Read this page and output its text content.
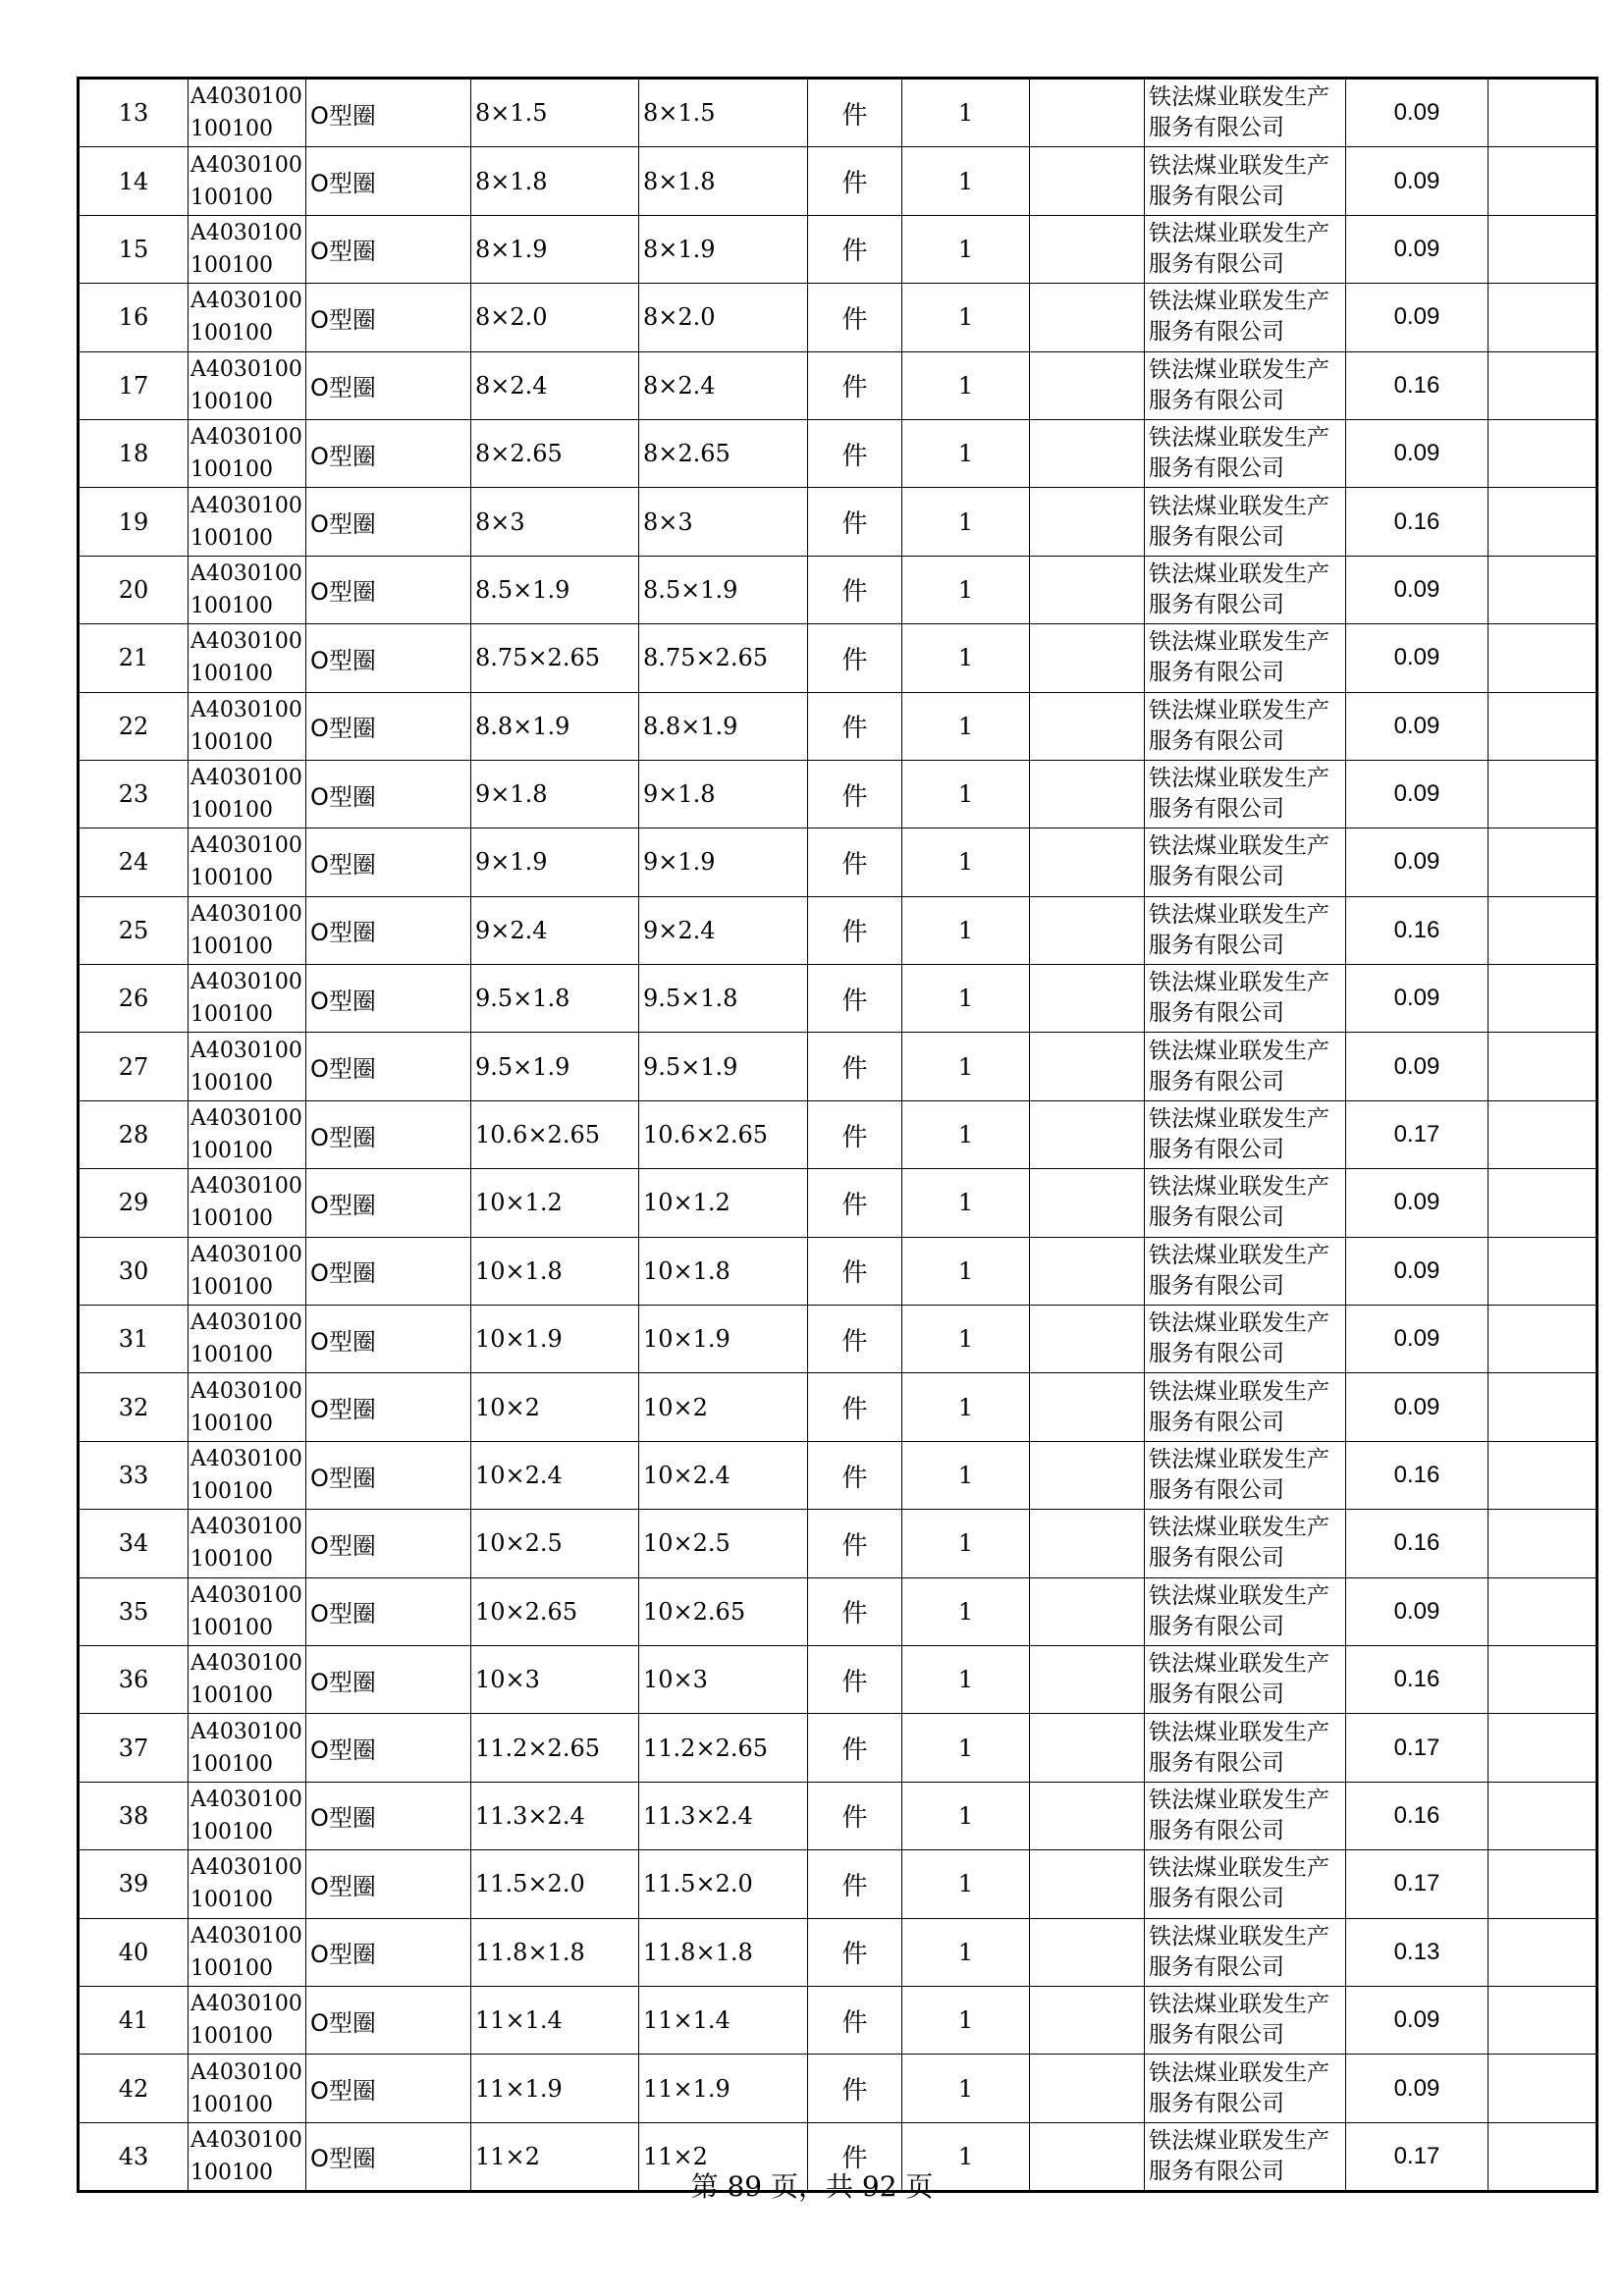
13	A4030100100100	O型圈	8×1.5	8×1.5	件	1		铁法煤业联发生产服务有限公司	0.09	
14	A4030100100100	O型圈	8×1.8	8×1.8	件	1		铁法煤业联发生产服务有限公司	0.09	
15	A4030100100100	O型圈	8×1.9	8×1.9	件	1		铁法煤业联发生产服务有限公司	0.09	
16	A4030100100100	O型圈	8×2.0	8×2.0	件	1		铁法煤业联发生产服务有限公司	0.09	
17	A4030100100100	O型圈	8×2.4	8×2.4	件	1		铁法煤业联发生产服务有限公司	0.16	
18	A4030100100100	O型圈	8×2.65	8×2.65	件	1		铁法煤业联发生产服务有限公司	0.09	
19	A4030100100100	O型圈	8×3	8×3	件	1		铁法煤业联发生产服务有限公司	0.16	
20	A4030100100100	O型圈	8.5×1.9	8.5×1.9	件	1		铁法煤业联发生产服务有限公司	0.09	
21	A4030100100100	O型圈	8.75×2.65	8.75×2.65	件	1		铁法煤业联发生产服务有限公司	0.09	
22	A4030100100100	O型圈	8.8×1.9	8.8×1.9	件	1		铁法煤业联发生产服务有限公司	0.09	
23	A4030100100100	O型圈	9×1.8	9×1.8	件	1		铁法煤业联发生产服务有限公司	0.09	
24	A4030100100100	O型圈	9×1.9	9×1.9	件	1		铁法煤业联发生产服务有限公司	0.09	
25	A4030100100100	O型圈	9×2.4	9×2.4	件	1		铁法煤业联发生产服务有限公司	0.16	
26	A4030100100100	O型圈	9.5×1.8	9.5×1.8	件	1		铁法煤业联发生产服务有限公司	0.09	
27	A4030100100100	O型圈	9.5×1.9	9.5×1.9	件	1		铁法煤业联发生产服务有限公司	0.09	
28	A4030100100100	O型圈	10.6×2.65	10.6×2.65	件	1		铁法煤业联发生产服务有限公司	0.17	
29	A4030100100100	O型圈	10×1.2	10×1.2	件	1		铁法煤业联发生产服务有限公司	0.09	
30	A4030100100100	O型圈	10×1.8	10×1.8	件	1		铁法煤业联发生产服务有限公司	0.09	
31	A4030100100100	O型圈	10×1.9	10×1.9	件	1		铁法煤业联发生产服务有限公司	0.09	
32	A4030100100100	O型圈	10×2	10×2	件	1		铁法煤业联发生产服务有限公司	0.09	
33	A4030100100100	O型圈	10×2.4	10×2.4	件	1		铁法煤业联发生产服务有限公司	0.16	
34	A4030100100100	O型圈	10×2.5	10×2.5	件	1		铁法煤业联发生产服务有限公司	0.16	
35	A4030100100100	O型圈	10×2.65	10×2.65	件	1		铁法煤业联发生产服务有限公司	0.09	
36	A4030100100100	O型圈	10×3	10×3	件	1		铁法煤业联发生产服务有限公司	0.16	
37	A4030100100100	O型圈	11.2×2.65	11.2×2.65	件	1		铁法煤业联发生产服务有限公司	0.17	
38	A4030100100100	O型圈	11.3×2.4	11.3×2.4	件	1		铁法煤业联发生产服务有限公司	0.16	
39	A4030100100100	O型圈	11.5×2.0	11.5×2.0	件	1		铁法煤业联发生产服务有限公司	0.17	
40	A4030100100100	O型圈	11.8×1.8	11.8×1.8	件	1		铁法煤业联发生产服务有限公司	0.13	
41	A4030100100100	O型圈	11×1.4	11×1.4	件	1		铁法煤业联发生产服务有限公司	0.09	
42	A4030100100100	O型圈	11×1.9	11×1.9	件	1		铁法煤业联发生产服务有限公司	0.09	
43	A4030100100100	O型圈	11×2	11×2	件	1		铁法煤业联发生产服务有限公司	0.17	
第 89 页，共 92 页
